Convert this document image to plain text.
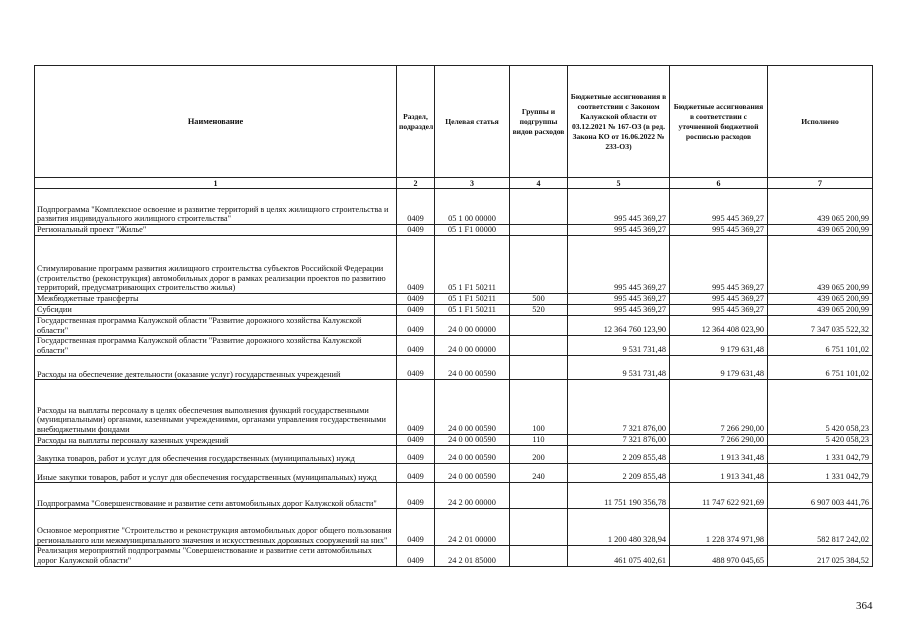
Наименование	Раздел, подраздел	Целевая статья	Группы и подгруппы видов расходов	Бюджетные ассигнования в соответствии с Законом Калужской области от 03.12.2021 № 167-ОЗ (в ред. Закона КО от 16.06.2022 № 233-ОЗ)	Бюджетные ассигнования в соответствии с уточненной бюджетной росписью расходов	Исполнено
1	2	3	4	5	6	7
Подпрограмма "Комплексное освоение и развитие территорий в целях жилищного строительства и развития индивидуального жилищного строительства"	0409	05 1 00 00000		995 445 369,27	995 445 369,27	439 065 200,99
Региональный проект "Жилье"	0409	05 1 F1 00000		995 445 369,27	995 445 369,27	439 065 200,99
Стимулирование программ развития жилищного строительства субъектов Российской Федерации (строительство (реконструкция) автомобильных дорог в рамках реализации проектов по развитию территорий, предусматривающих строительство жилья)	0409	05 1 F1 50211		995 445 369,27	995 445 369,27	439 065 200,99
Межбюджетные трансферты	0409	05 1 F1 50211	500	995 445 369,27	995 445 369,27	439 065 200,99
Субсидии	0409	05 1 F1 50211	520	995 445 369,27	995 445 369,27	439 065 200,99
Государственная программа Калужской области "Развитие дорожного хозяйства Калужской области"	0409	24 0 00 00000		12 364 760 123,90	12 364 408 023,90	7 347 035 522,32
Государственная программа Калужской области "Развитие дорожного хозяйства Калужской области"	0409	24 0 00 00000		9 531 731,48	9 179 631,48	6 751 101,02
Расходы на обеспечение деятельности (оказание услуг) государственных учреждений	0409	24 0 00 00590		9 531 731,48	9 179 631,48	6 751 101,02
Расходы на выплаты персоналу в целях обеспечения выполнения функций государственными (муниципальными) органами, казенными учреждениями, органами управления государственными внебюджетными фондами	0409	24 0 00 00590	100	7 321 876,00	7 266 290,00	5 420 058,23
Расходы на выплаты персоналу казенных учреждений	0409	24 0 00 00590	110	7 321 876,00	7 266 290,00	5 420 058,23
Закупка товаров, работ и услуг для обеспечения государственных (муниципальных) нужд	0409	24 0 00 00590	200	2 209 855,48	1 913 341,48	1 331 042,79
Иные закупки товаров, работ и услуг для обеспечения государственных (муниципальных) нужд	0409	24 0 00 00590	240	2 209 855,48	1 913 341,48	1 331 042,79
Подпрограмма "Совершенствование и развитие сети автомобильных дорог Калужской области"	0409	24 2 00 00000		11 751 190 356,78	11 747 622 921,69	6 907 003 441,76
Основное мероприятие "Строительство и реконструкция автомобильных дорог общего пользования регионального или межмуниципального значения и искусственных дорожных сооружений на них"	0409	24 2 01 00000		1 200 480 328,94	1 228 374 971,98	582 817 242,02
Реализация мероприятий подпрограммы "Совершенствование и развитие сети автомобильных дорог Калужской области"	0409	24 2 01 85000		461 075 402,61	488 970 045,65	217 025 384,52
364
